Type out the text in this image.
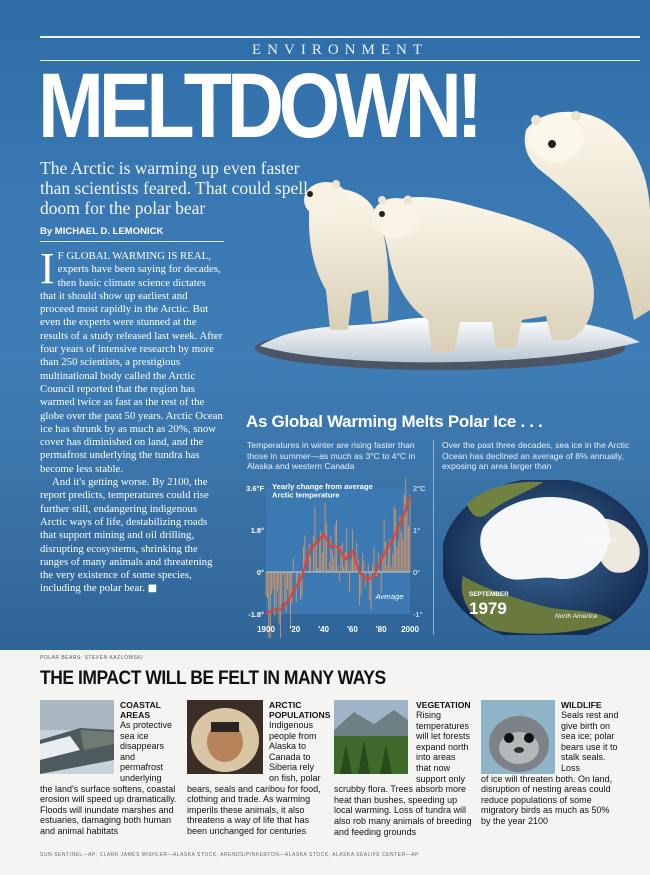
ENVIRONMENT
MELTDOWN!

The Arctic is warming up even faster than scientists feared. That could spell doom for the polar bear

By MICHAEL D. LEMONICK

I F GLOBAL WARMING IS REAL, experts have been saying for decades, then basic climate science dictates that it should show up earliest and proceed most rapidly in the Arctic. But even the experts were stunned at the results of a study released last week. After four years of intensive research by more than 250 scientists, a prestigious multinational body called the Arctic Council reported that the region has warmed twice as fast as the rest of the globe over the past 50 years. Arctic Ocean ice has shrunk by as much as 20%, snow cover has diminished on land, and the permafrost underlying the tundra has become less stable.

And it's getting worse. By 2100, the report predicts, temperatures could rise further still, endangering indigenous Arctic ways of life, destabilizing roads that support mining and oil drilling, disrupting ecosystems, shrinking the ranges of many animals and threatening the very existence of some species, including the polar bear. ■

As Global Warming Melts Polar Ice . . .
Temperatures in winter are rising faster than those in summer—as much as 3°C to 4°C in Alaska and western Canada
Over the past three decades, sea ice in the Arctic Ocean has declined an average of 8% annually, exposing an area larger than
Yearly change from average
Arctic temperature
Average
3.6°F
1.8°
0°
-1.8°
2°C
1°
0°
-1°
1900 '20 '40 '60 '80 2000
Greenland
North America
SEPTEMBER
1979
POLAR BEARS: STEVEN KAZLOWSKI
THE IMPACT WILL BE FELT IN MANY WAYS
COASTAL AREAS
As protective sea ice disappears and permafrost underlying
the land's surface softens, coastal erosion will speed up dramatically. Floods will inundate marshes and estuaries, damaging both human and animal habitats
ARCTIC POPULATIONS
Indigenous people from Alaska to Canada to Siberia rely on fish, polar
bears, seals and caribou for food, clothing and trade. As warming imperils these animals, it also threatens a way of life that has been unchanged for centuries
VEGETATION
Rising temperatures will let forests expand north into areas that now support only
scrubby flora. Trees absorb more heat than bushes, speeding up local warming. Loss of tundra will also rob many animals of breeding and feeding grounds
WILDLIFE
Seals rest and give birth on sea ice; polar bears use it to stalk seals. Loss
of ice will threaten both. On land, disruption of nesting areas could reduce populations of some migratory birds as much as 50% by the year 2100
SUN-SENTINEL—AP; CLARK JAMES MISHLER—ALASKA STOCK; ARENDS/PINKERTON—ALASKA STOCK; ALASKA SEALIFE CENTER—AP
